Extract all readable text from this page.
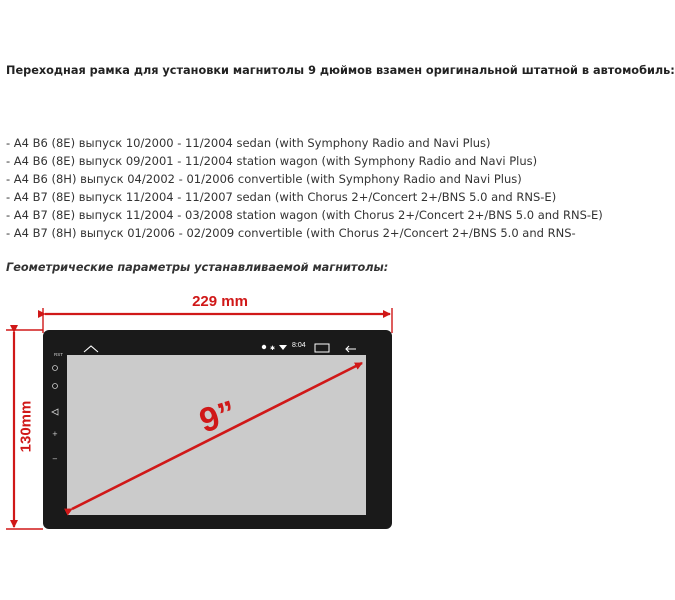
Переходная рамка для установки магнитолы 9 дюймов взамен оригинальной штатной в автомобиль:
- A4 B6 (8E) выпуск 10/2000 - 11/2004 sedan (with Symphony Radio and Navi Plus)
- A4 B6 (8E) выпуск 09/2001 - 11/2004 station wagon (with Symphony Radio and Navi Plus)
- A4 B6 (8H) выпуск 04/2002 - 01/2006 convertible (with Symphony Radio and Navi Plus)
- A4 B7 (8E) выпуск 11/2004 - 11/2007 sedan (with Chorus 2+/Concert 2+/BNS 5.0 and RNS-E)
- A4 B7 (8E) выпуск 11/2004 - 03/2008 station wagon (with Chorus 2+/Concert 2+/BNS 5.0 and RNS-E)
- A4 B7 (8H) выпуск 01/2006 - 02/2009 convertible (with Chorus 2+/Concert 2+/BNS 5.0 and RNS-
Геометрические параметры устанавливаемой магнитолы:
✱
+
−
RST
8:04
229 mm
130mm	9”
